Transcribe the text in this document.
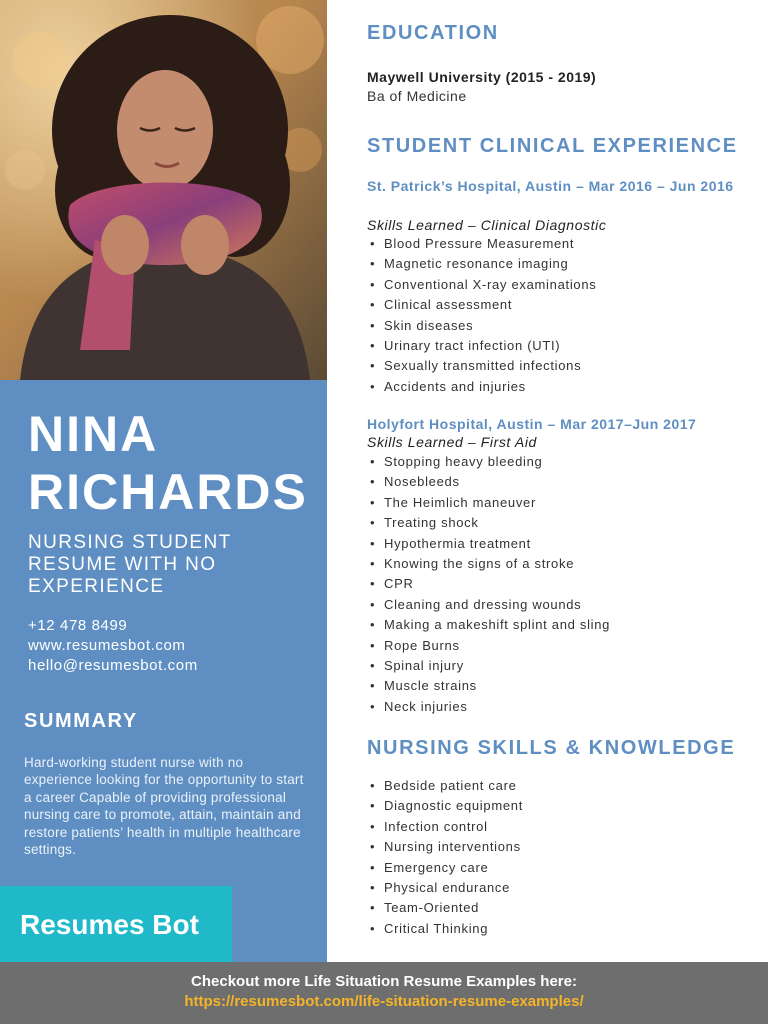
NINA
RICHARDS

NURSING STUDENT RESUME WITH NO EXPERIENCE

+12 478 8499
www.resumesbot.com
hello@resumesbot.com
SUMMARY

Hard-working student nurse with no experience looking for the opportunity to start a career Capable of providing professional nursing care to promote, attain, maintain and restore patients’ health in multiple healthcare settings.

Resumes Bot
EDUCATION
Maywell University (2015 - 2019)
Ba of Medicine
STUDENT CLINICAL EXPERIENCE
St. Patrick’s Hospital, Austin – Mar 2016 – Jun 2016
Skills Learned – Clinical Diagnostic
• Blood Pressure Measurement
• Magnetic resonance imaging
• Conventional X-ray examinations
• Clinical assessment
• Skin diseases
• Urinary tract infection (UTI)
• Sexually transmitted infections
• Accidents and injuries
Holyfort Hospital, Austin – Mar 2017–Jun 2017
Skills Learned – First Aid
• Stopping heavy bleeding
• Nosebleeds
• The Heimlich maneuver
• Treating shock
• Hypothermia treatment
• Knowing the signs of a stroke
• CPR
• Cleaning and dressing wounds
• Making a makeshift splint and sling
• Rope Burns
• Spinal injury
• Muscle strains
• Neck injuries
NURSING SKILLS & KNOWLEDGE
• Bedside patient care
• Diagnostic equipment
• Infection control
• Nursing interventions
• Emergency care
• Physical endurance
• Team-Oriented
• Critical Thinking
Checkout more Life Situation Resume Examples here:
https://resumesbot.com/life-situation-resume-examples/
